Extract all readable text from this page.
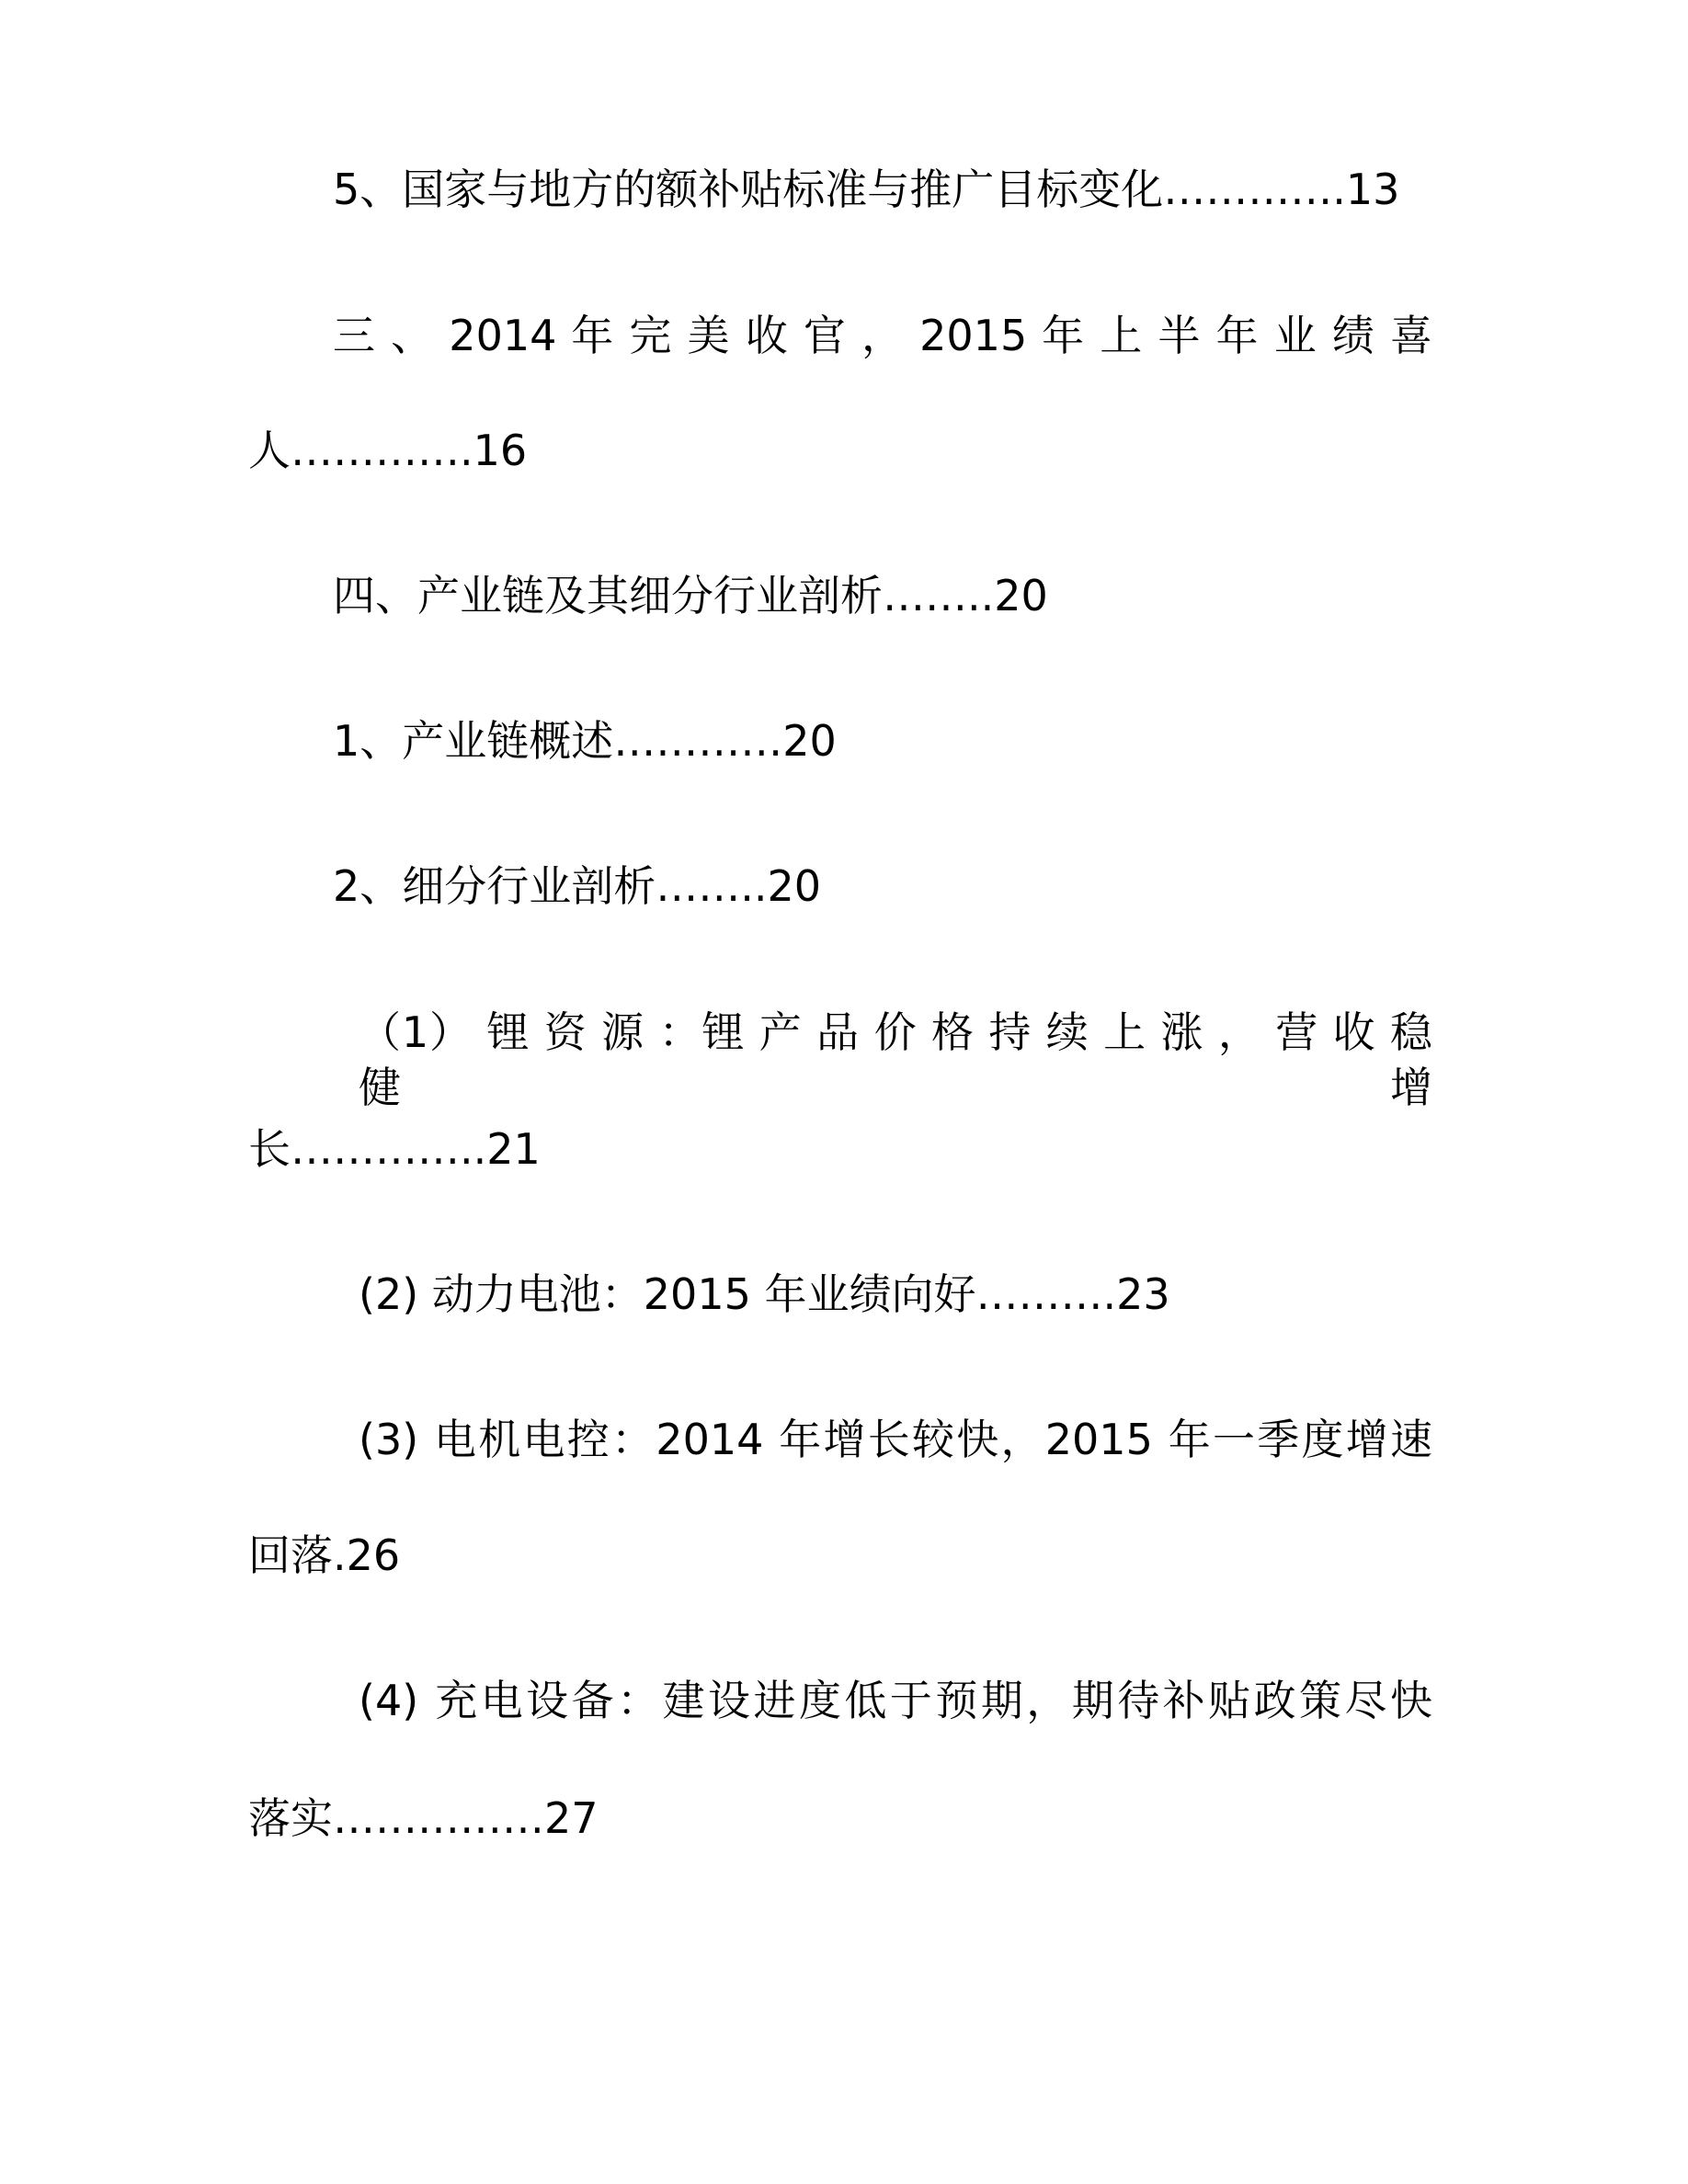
5、国家与地方的额补贴标准与推广目标变化………….13
三 、 2014 年 完 美 收 官 ， 2015 年 上 半 年 业 绩 喜
人………….16
四、产业链及其细分行业剖析……..20
1、产业链概述…………20
2、细分行业剖析……..20
（1） 锂 资 源 ：锂 产 品 价 格 持 续 上 涨 ， 营 收 稳 健 增
长…………..21
(2) 动力电池：2015 年业绩向好……….23
(3) 电机电控：2014 年增长较快，2015 年一季度增速
回落.26
(4) 充电设备：建设进度低于预期，期待补贴政策尽快
落实……………27
